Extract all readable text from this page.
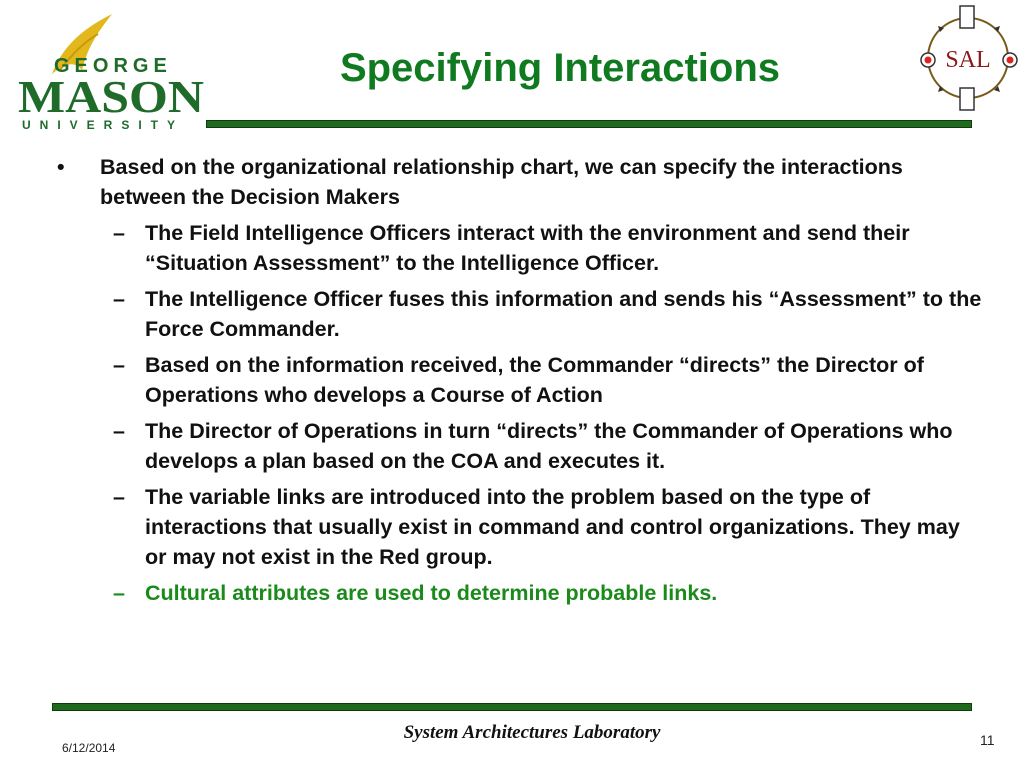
GEORGE
MASON
UNIVERSITY
Specifying Interactions	SAL
• Based on the organizational relationship chart, we can specify the interactions between the Decision Makers
– The Field Intelligence Officers interact with the environment and send their “Situation Assessment” to the Intelligence Officer.
– The Intelligence Officer fuses this information and sends his “Assessment” to the Force Commander.
– Based on the information received, the Commander “directs” the Director of Operations who develops a Course of Action
– The Director of Operations in turn “directs” the Commander of Operations who develops a plan based on the COA and executes it.
– The variable links are introduced into the problem based on the type of interactions that usually exist in command and control organizations. They may or may not exist in the Red group.
– Cultural attributes are used to determine probable links.
System Architectures Laboratory
6/12/2014	11
